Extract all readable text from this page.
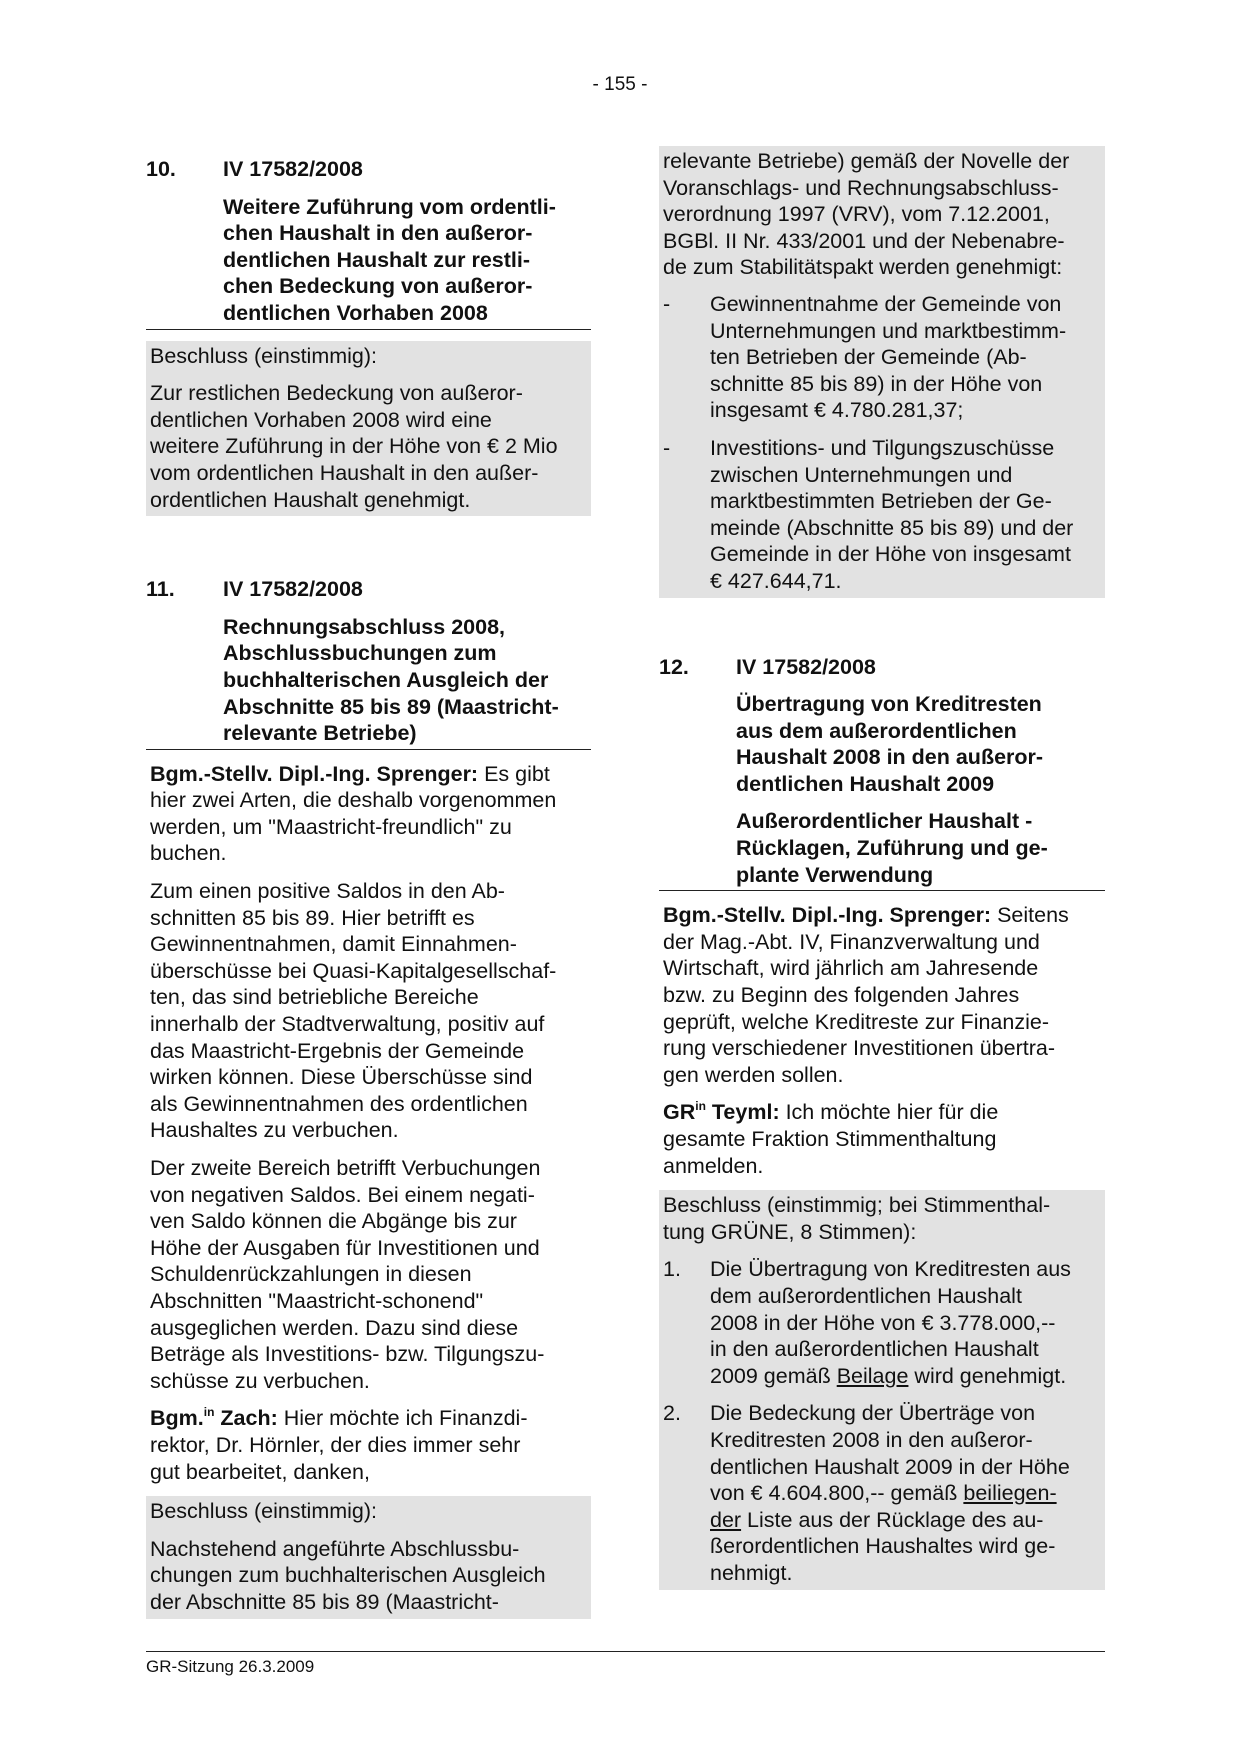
- 155 -
10.	IV 17582/2008
Weitere Zuführung vom ordentli-
chen Haushalt in den außeror-
dentlichen Haushalt zur restli-
chen Bedeckung von außeror-
dentlichen Vorhaben 2008
Beschluss (einstimmig):
Zur restlichen Bedeckung von außeror-
dentlichen Vorhaben 2008 wird eine
weitere Zuführung in der Höhe von € 2 Mio
vom ordentlichen Haushalt in den außer-
ordentlichen Haushalt genehmigt.
11.	IV 17582/2008
Rechnungsabschluss 2008,
Abschlussbuchungen zum
buchhalterischen Ausgleich der
Abschnitte 85 bis 89 (Maastricht-
relevante Betriebe)
Bgm.-Stellv. Dipl.-Ing. Sprenger: Es gibt
hier zwei Arten, die deshalb vorgenommen
werden, um "Maastricht-freundlich" zu
buchen.
Zum einen positive Saldos in den Ab-
schnitten 85 bis 89. Hier betrifft es
Gewinnentnahmen, damit Einnahmen-
überschüsse bei Quasi-Kapitalgesellschaf-
ten, das sind betriebliche Bereiche
innerhalb der Stadtverwaltung, positiv auf
das Maastricht-Ergebnis der Gemeinde
wirken können. Diese Überschüsse sind
als Gewinnentnahmen des ordentlichen
Haushaltes zu verbuchen.
Der zweite Bereich betrifft Verbuchungen
von negativen Saldos. Bei einem negati-
ven Saldo können die Abgänge bis zur
Höhe der Ausgaben für Investitionen und
Schuldenrückzahlungen in diesen
Abschnitten "Maastricht-schonend"
ausgeglichen werden. Dazu sind diese
Beträge als Investitions- bzw. Tilgungszu-
schüsse zu verbuchen.
Bgm.$^{in}$ Zach: Hier möchte ich Finanzdi-
rektor, Dr. Hörnler, der dies immer sehr
gut bearbeitet, danken,
Beschluss (einstimmig):
Nachstehend angeführte Abschlussbu-
chungen zum buchhalterischen Ausgleich
der Abschnitte 85 bis 89 (Maastricht-
relevante Betriebe) gemäß der Novelle der
Voranschlags- und Rechnungsabschluss-
verordnung 1997 (VRV), vom 7.12.2001,
BGBl. II Nr. 433/2001 und der Nebenabre-
de zum Stabilitätspakt werden genehmigt:
-	Gewinnentnahme der Gemeinde von
Unternehmungen und marktbestimm-
ten Betrieben der Gemeinde (Ab-
schnitte 85 bis 89) in der Höhe von
insgesamt € 4.780.281,37;
-	Investitions- und Tilgungszuschüsse
zwischen Unternehmungen und
marktbestimmten Betrieben der Ge-
meinde (Abschnitte 85 bis 89) und der
Gemeinde in der Höhe von insgesamt
€ 427.644,71.
12.	IV 17582/2008
Übertragung von Kreditresten
aus dem außerordentlichen
Haushalt 2008 in den außeror-
dentlichen Haushalt 2009
Außerordentlicher Haushalt -
Rücklagen, Zuführung und ge-
plante Verwendung
Bgm.-Stellv. Dipl.-Ing. Sprenger: Seitens
der Mag.-Abt. IV, Finanzverwaltung und
Wirtschaft, wird jährlich am Jahresende
bzw. zu Beginn des folgenden Jahres
geprüft, welche Kreditreste zur Finanzie-
rung verschiedener Investitionen übertra-
gen werden sollen.
$GR^{in}$ Teyml: Ich möchte hier für die
gesamte Fraktion Stimmenthaltung
anmelden.
Beschluss (einstimmig; bei Stimmenthal-
tung GRÜNE, 8 Stimmen):
1.	Die Übertragung von Kreditresten aus
dem außerordentlichen Haushalt
2008 in der Höhe von € 3.778.000,--
in den außerordentlichen Haushalt
2009 gemäß Beilage wird genehmigt.
2.	Die Bedeckung der Überträge von
Kreditresten 2008 in den außeror-
dentlichen Haushalt 2009 in der Höhe
von € 4.604.800,-- gemäß beiliegen-
der Liste aus der Rücklage des au-
ßerordentlichen Haushaltes wird ge-
nehmigt.
GR-Sitzung 26.3.2009
